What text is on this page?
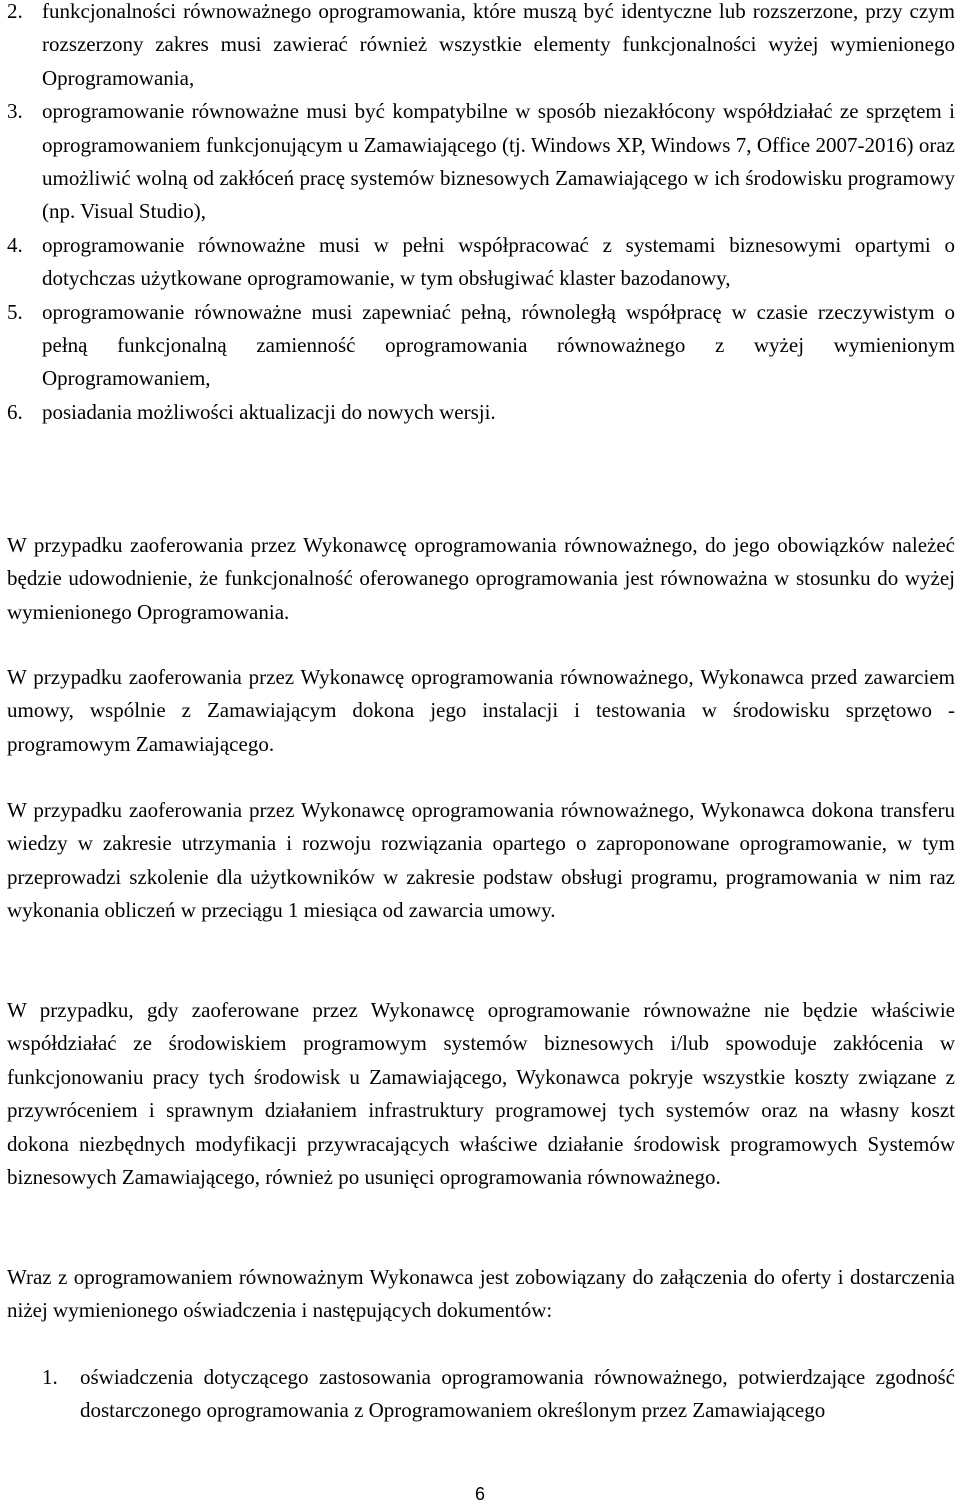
2. funkcjonalności równoważnego oprogramowania, które muszą być identyczne lub rozszerzone, przy czym rozszerzony zakres musi zawierać również wszystkie elementy funkcjonalności wyżej wymienionego Oprogramowania,
3. oprogramowanie równoważne musi być kompatybilne w sposób niezakłócony współdziałać ze sprzętem i oprogramowaniem funkcjonującym u Zamawiającego (tj. Windows XP, Windows 7, Office 2007-2016) oraz umożliwić wolną od zakłóceń pracę systemów biznesowych Zamawiającego w ich środowisku programowy (np. Visual Studio),
4. oprogramowanie równoważne musi w pełni współpracować z systemami biznesowymi opartymi o dotychczas użytkowane oprogramowanie, w tym obsługiwać klaster bazodanowy,
5. oprogramowanie równoważne musi zapewniać pełną, równoległą współpracę w czasie rzeczywistym o pełną funkcjonalną zamienność oprogramowania równoważnego z wyżej wymienionym Oprogramowaniem,
6. posiadania możliwości aktualizacji do nowych wersji.

W przypadku zaoferowania przez Wykonawcę oprogramowania równoważnego, do jego obowiązków należeć będzie udowodnienie, że funkcjonalność oferowanego oprogramowania jest równoważna w stosunku do wyżej wymienionego Oprogramowania.

W przypadku zaoferowania przez Wykonawcę oprogramowania równoważnego, Wykonawca przed zawarciem umowy, wspólnie z Zamawiającym dokona jego instalacji i testowania w środowisku sprzętowo - programowym Zamawiającego.

W przypadku zaoferowania przez Wykonawcę oprogramowania równoważnego, Wykonawca dokona transferu wiedzy w zakresie utrzymania i rozwoju rozwiązania opartego o zaproponowane oprogramowanie, w tym przeprowadzi szkolenie dla użytkowników w zakresie podstaw obsługi programu, programowania w nim raz wykonania obliczeń w przeciągu 1 miesiąca od zawarcia umowy.

W przypadku, gdy zaoferowane przez Wykonawcę oprogramowanie równoważne nie będzie właściwie współdziałać ze środowiskiem programowym systemów biznesowych i/lub spowoduje zakłócenia w funkcjonowaniu pracy tych środowisk u Zamawiającego, Wykonawca pokryje wszystkie koszty związane z przywróceniem i sprawnym działaniem infrastruktury programowej tych systemów oraz na własny koszt dokona niezbędnych modyfikacji przywracających właściwe działanie środowisk programowych Systemów biznesowych Zamawiającego, również po usunięci oprogramowania równoważnego.

Wraz z oprogramowaniem równoważnym Wykonawca jest zobowiązany do załączenia do oferty i dostarczenia niżej wymienionego oświadczenia i następujących dokumentów:

1.	oświadczenia dotyczącego zastosowania oprogramowania równoważnego, potwierdzające zgodność dostarczonego oprogramowania z Oprogramowaniem określonym przez Zamawiającego
6
